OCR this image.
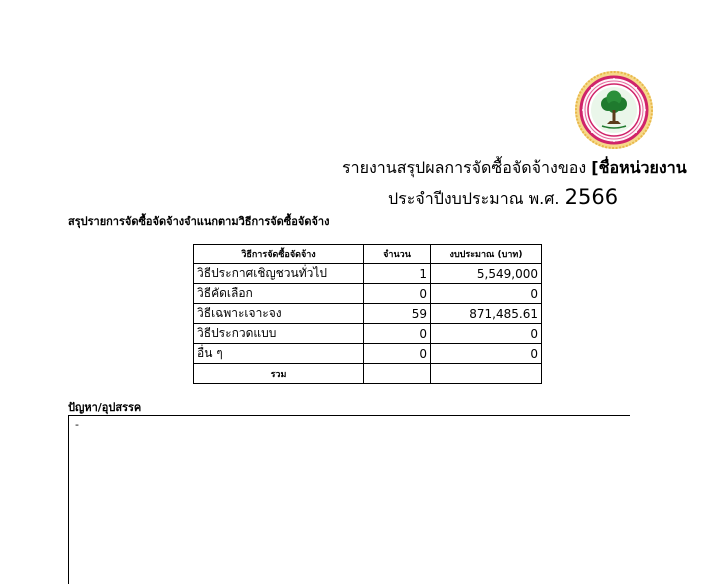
รายงานสรุปผลการจัดซื้อจัดจ้างของ [ชื่อหน่วยงาน
ประจำปีงบประมาณ พ.ศ. 2566
สรุปรายการจัดซื้อจัดจ้างจำแนกตามวิธีการจัดซื้อจัดจ้าง
วิธีการจัดซื้อจัดจ้าง	จำนวน	งบประมาณ (บาท)
วิธีประกาศเชิญชวนทั่วไป	1	5,549,000
วิธีคัดเลือก	0	0
วิธีเฉพาะเจาะจง	59	871,485.61
วิธีประกวดแบบ	0	0
อื่น ๆ	0	0
รวม		
ปัญหา/อุปสรรค
-
